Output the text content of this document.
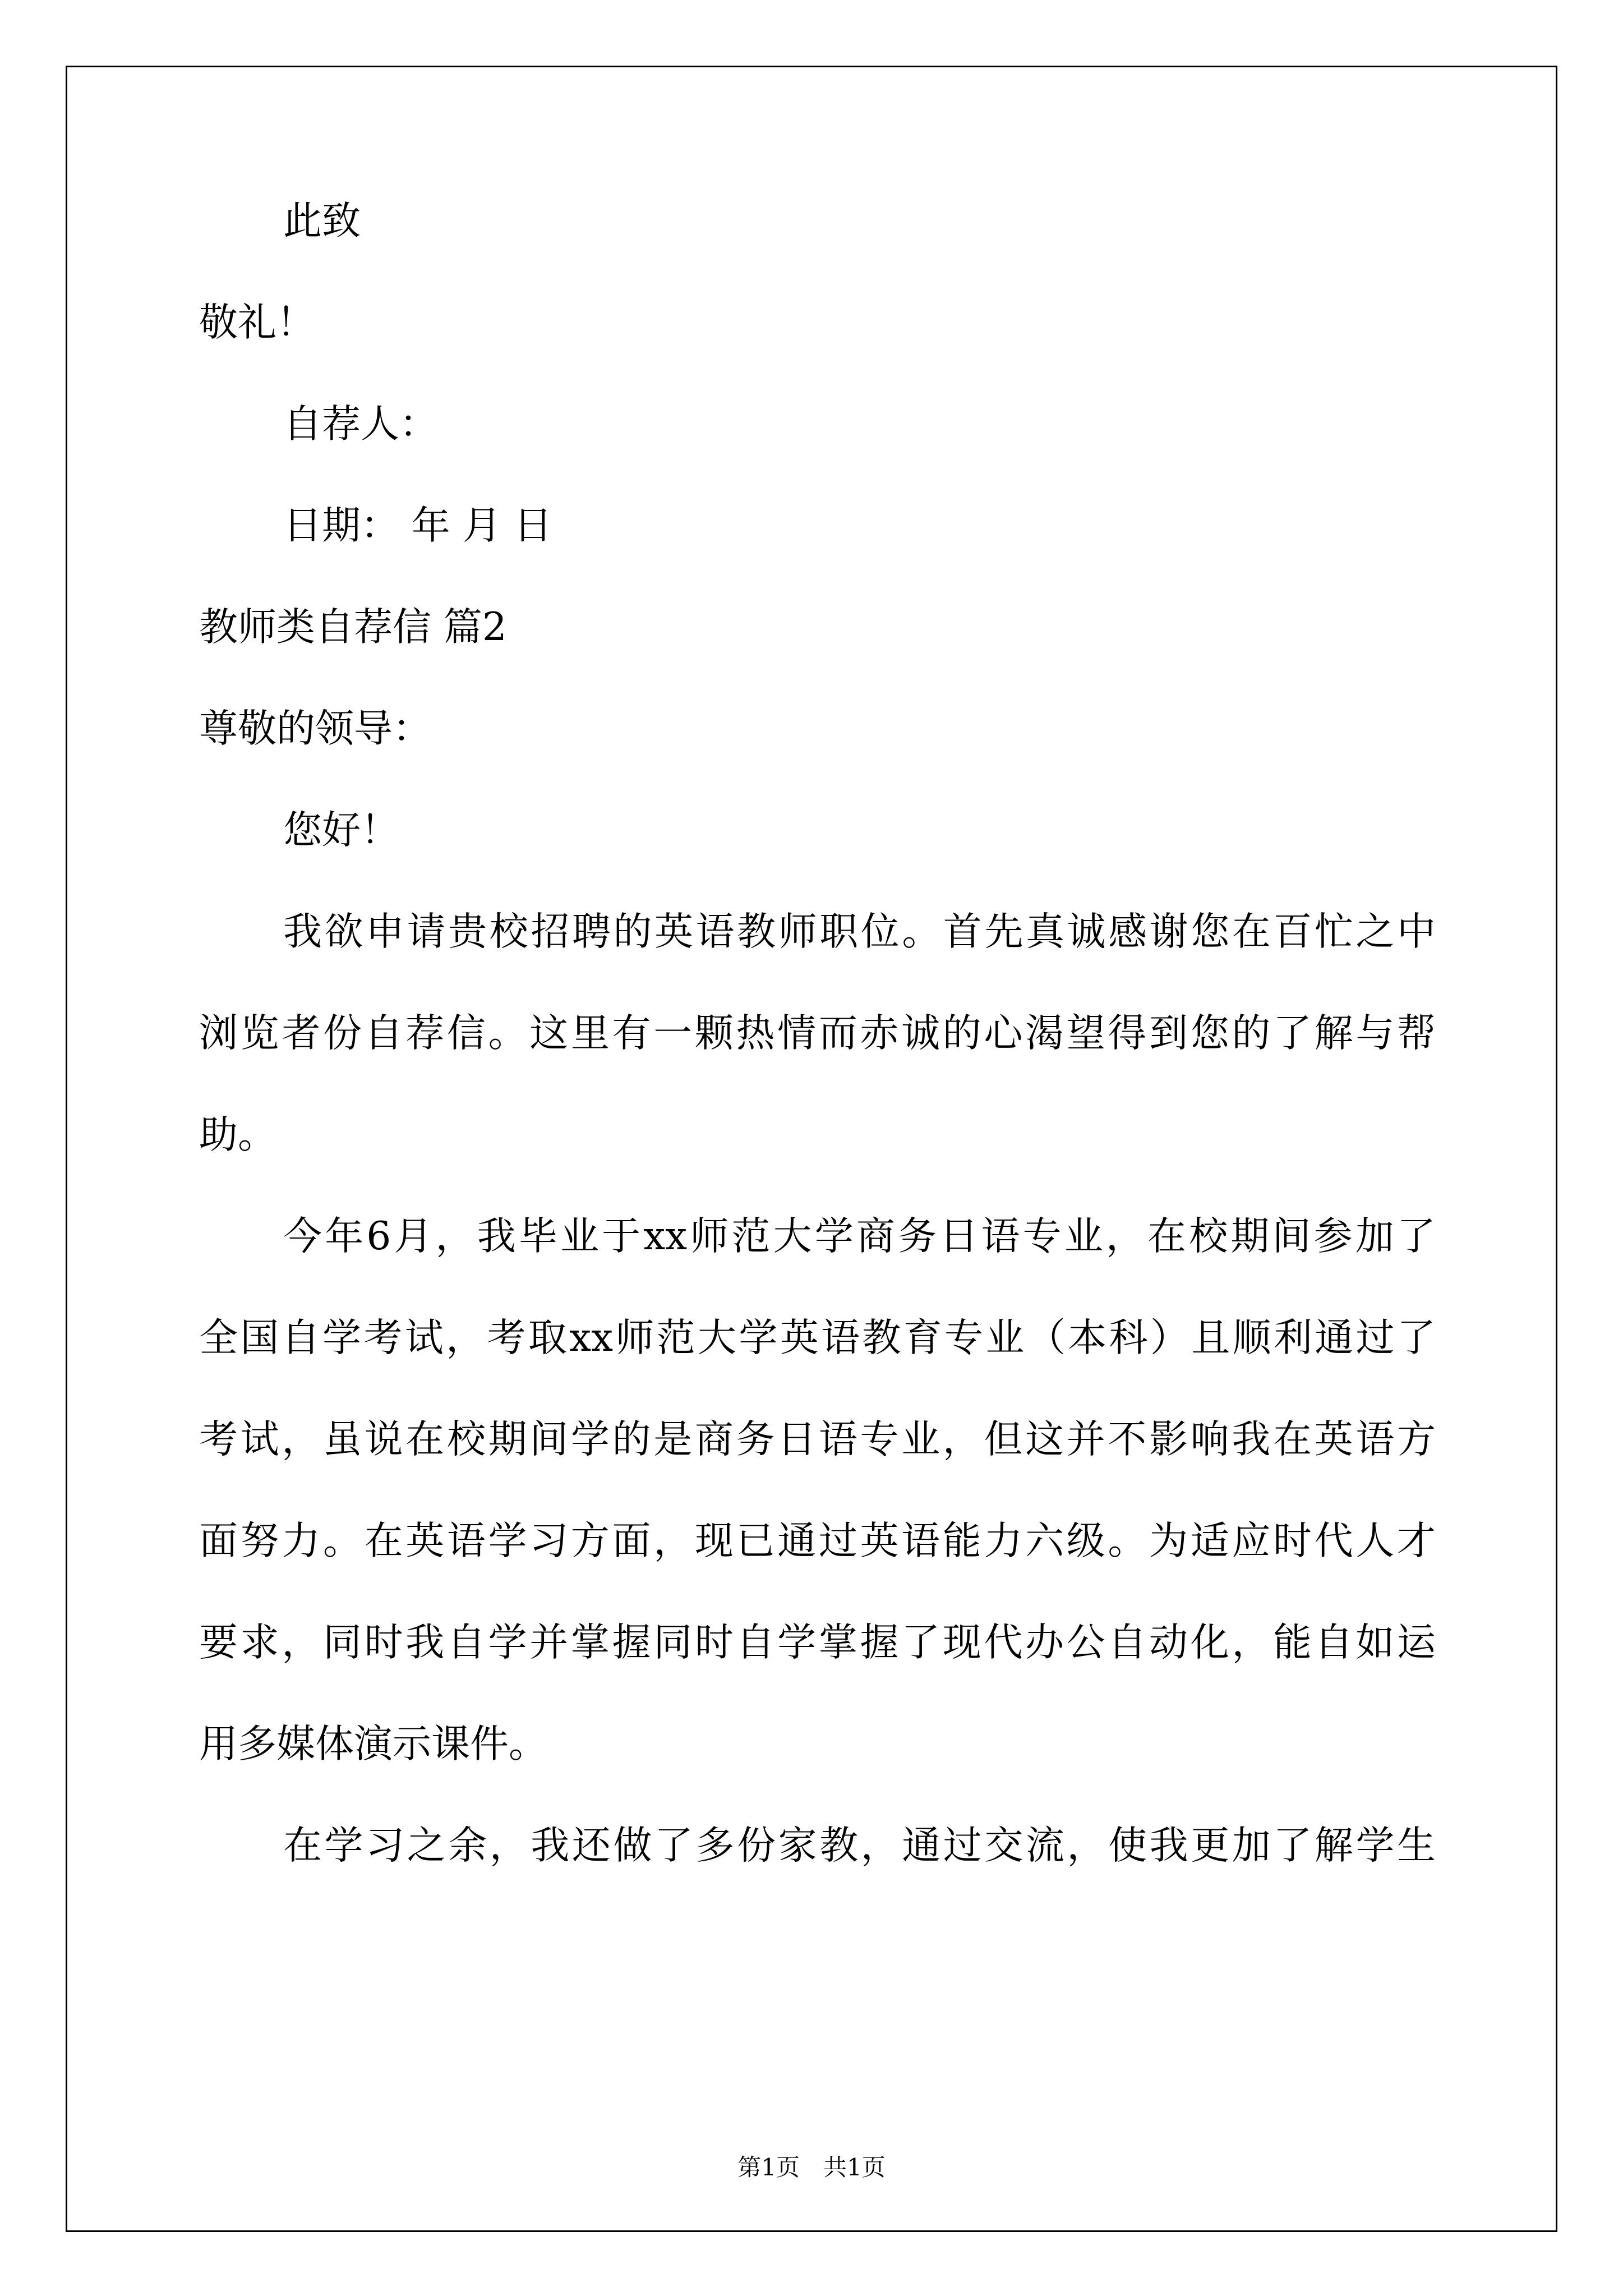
此致
敬礼！
自荐人：
日期： 年 月 日
教师类自荐信 篇2
尊敬的领导：
您好！
我欲申请贵校招聘的英语教师职位。首先真诚感谢您在百忙之中
浏览者份自荐信。这里有一颗热情而赤诚的心渴望得到您的了解与帮
助。
今年6月，我毕业于xx师范大学商务日语专业，在校期间参加了
全国自学考试，考取xx师范大学英语教育专业（本科）且顺利通过了
考试，虽说在校期间学的是商务日语专业，但这并不影响我在英语方
面努力。在英语学习方面，现已通过英语能力六级。为适应时代人才
要求，同时我自学并掌握同时自学掌握了现代办公自动化，能自如运
用多媒体演示课件。
在学习之余，我还做了多份家教，通过交流，使我更加了解学生
第1页　共1页
